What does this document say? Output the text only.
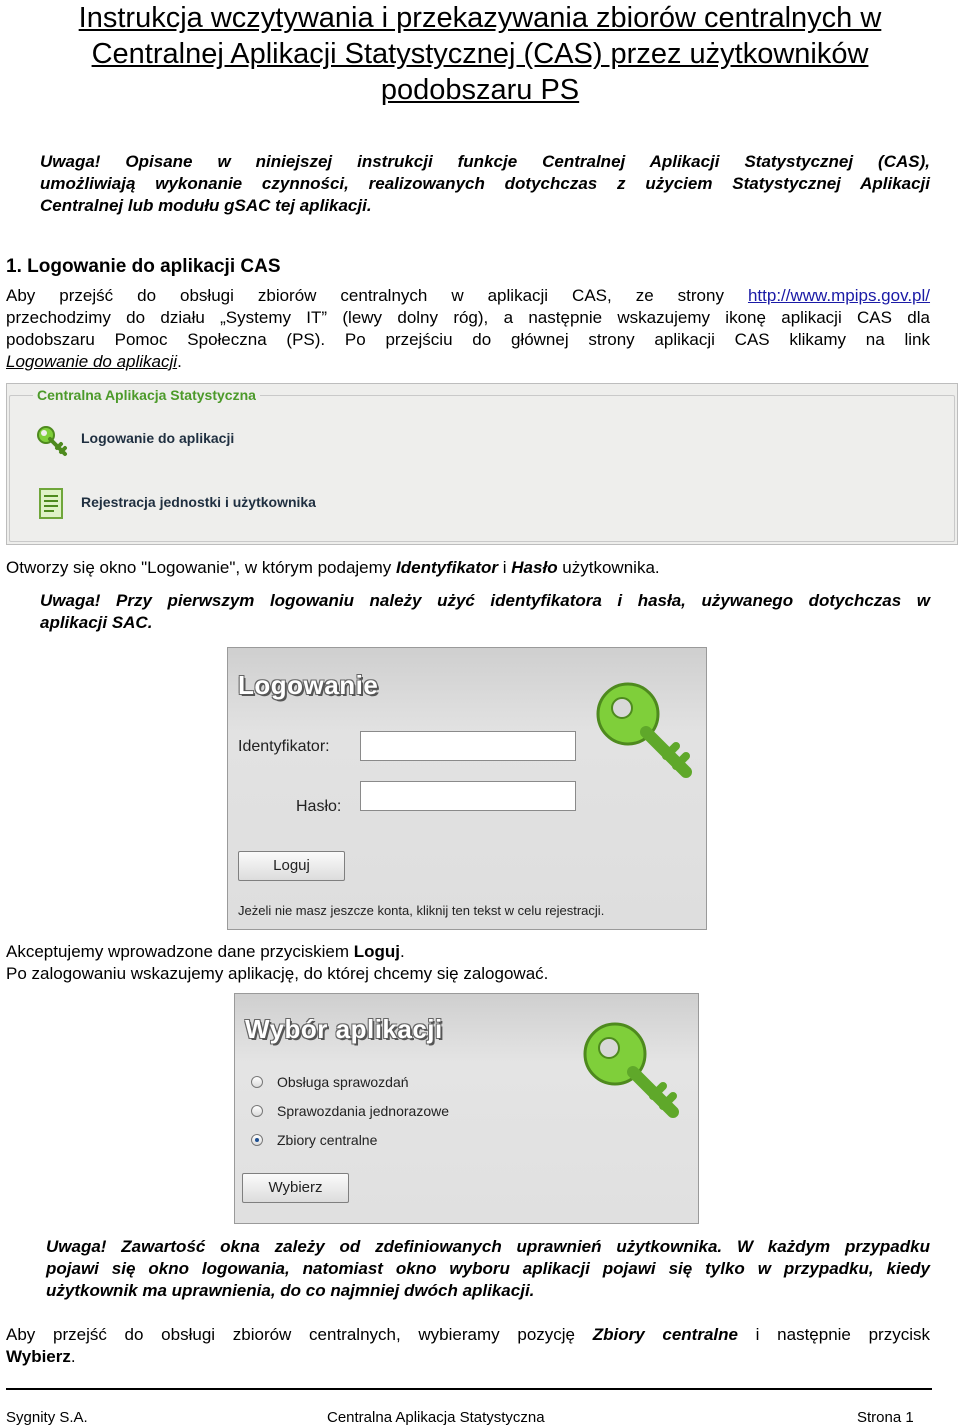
Instrukcja wczytywania i przekazywania zbiorów centralnych w
Centralnej Aplikacji Statystycznej (CAS) przez użytkowników
podobszaru PS
Uwaga! Opisane w niniejszej instrukcji funkcje Centralnej Aplikacji Statystycznej (CAS),
umożliwiają wykonanie czynności, realizowanych dotychczas z użyciem Statystycznej Aplikacji
Centralnej lub modułu gSAC tej aplikacji.
1. Logowanie do aplikacji CAS
Aby przejść do obsługi zbiorów centralnych w aplikacji CAS, ze strony http://www.mpips.gov.pl/
przechodzimy do działu „Systemy IT” (lewy dolny róg), a następnie wskazujemy ikonę aplikacji CAS dla
podobszaru Pomoc Społeczna (PS). Po przejściu do głównej strony aplikacji CAS klikamy na link
Logowanie do aplikacji.
Centralna Aplikacja Statystyczna
Logowanie do aplikacji
Rejestracja jednostki i użytkownika
Otworzy się okno "Logowanie", w którym podajemy Identyfikator i Hasło użytkownika.
Uwaga! Przy pierwszym logowaniu należy użyć identyfikatora i hasła, używanego dotychczas w
aplikacji SAC.
Logowanie
Identyfikator:
Hasło:
Loguj
Jeżeli nie masz jeszcze konta, kliknij ten tekst w celu rejestracji.
Akceptujemy wprowadzone dane przyciskiem Loguj.
Po zalogowaniu wskazujemy aplikację, do której chcemy się zalogować.
Wybór aplikacji
Obsługa sprawozdań
Sprawozdania jednorazowe
Zbiory centralne
Wybierz
Uwaga! Zawartość okna zależy od zdefiniowanych uprawnień użytkownika. W każdym przypadku
pojawi się okno logowania, natomiast okno wyboru aplikacji pojawi się tylko w przypadku, kiedy
użytkownik ma uprawnienia, do co najmniej dwóch aplikacji.
Aby przejść do obsługi zbiorów centralnych, wybieramy pozycję Zbiory centralne i następnie przycisk
Wybierz.
Sygnity S.A.	Centralna Aplikacja Statystyczna	Strona 1
